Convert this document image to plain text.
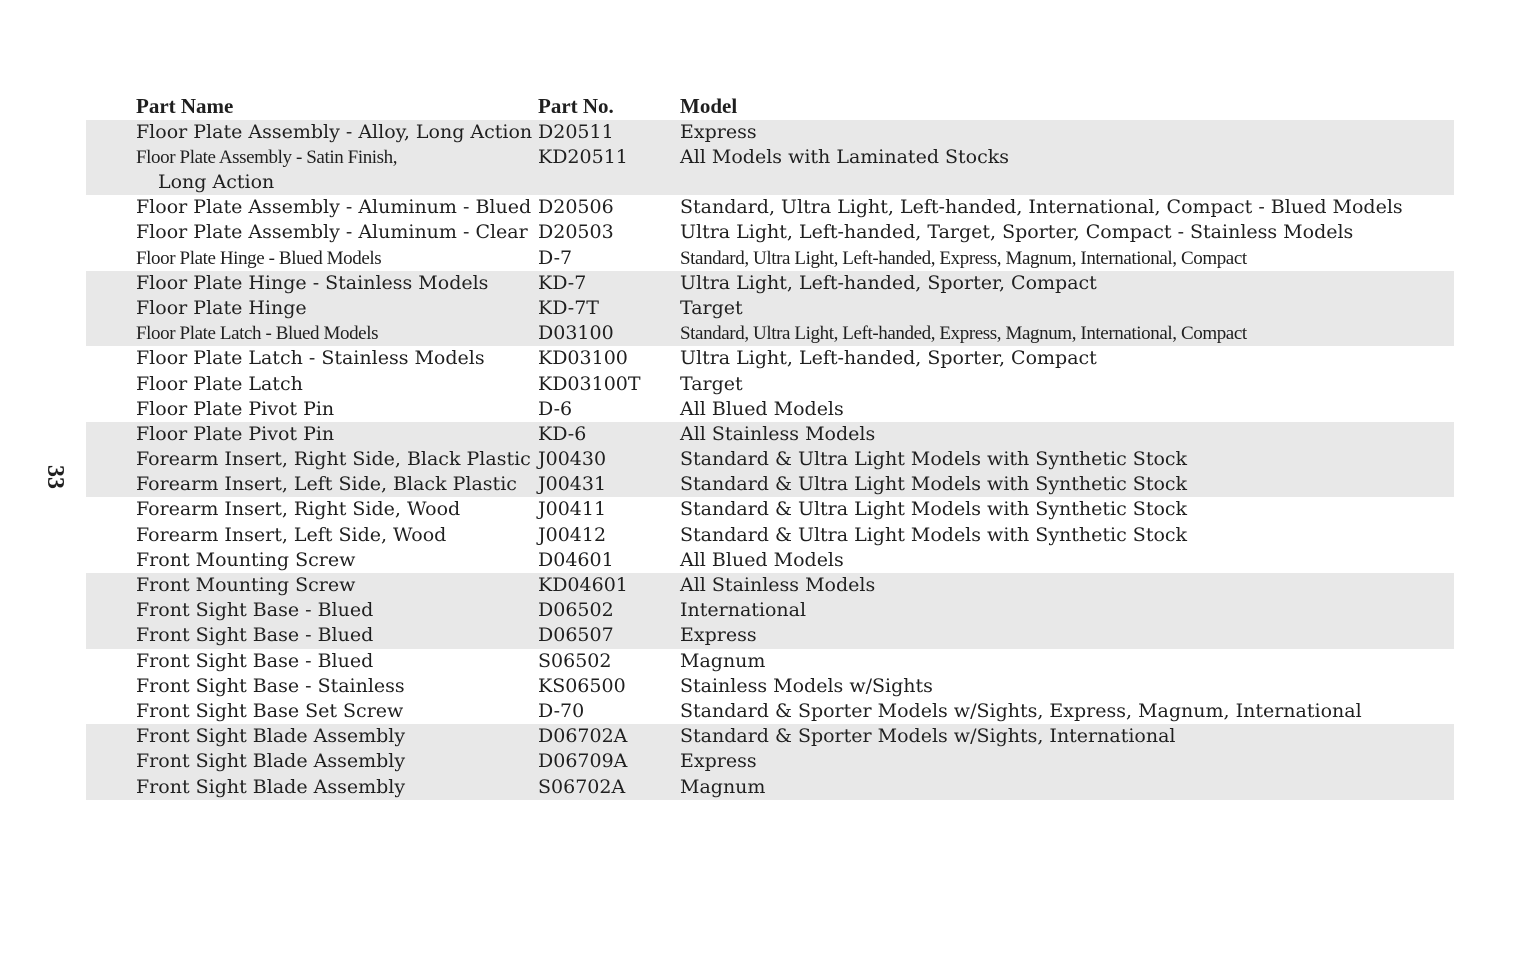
33
Part Name	Part No.	Model
Floor Plate Assembly - Alloy, Long Action D20511	Express
Floor Plate Assembly - Satin Finish,
Long Action
KD20511	All Models with Laminated Stocks
Floor Plate Assembly - Aluminum - Blued D20506	Standard, Ultra Light, Left-handed, International, Compact - Blued Models
Floor Plate Assembly - Aluminum - Clear D20503	Ultra Light, Left-handed, Target, Sporter, Compact - Stainless Models
Floor Plate Hinge - Blued Models	D-7	Standard, Ultra Light, Left-handed, Express, Magnum, International, Compact
Floor Plate Hinge - Stainless Models	KD-7	Ultra Light, Left-handed, Sporter, Compact
Floor Plate Hinge	KD-7T	Target
Floor Plate Latch - Blued Models	D03100	Standard, Ultra Light, Left-handed, Express, Magnum, International, Compact
Floor Plate Latch - Stainless Models	KD03100	Ultra Light, Left-handed, Sporter, Compact
Floor Plate Latch	KD03100T Target
Floor Plate Pivot Pin	D-6	All Blued Models
Floor Plate Pivot Pin	KD-6	All Stainless Models
Forearm Insert, Right Side, Black Plastic J00430	Standard & Ultra Light Models with Synthetic Stock
Forearm Insert, Left Side, Black Plastic J00431	Standard & Ultra Light Models with Synthetic Stock
Forearm Insert, Right Side, Wood	J00411	Standard & Ultra Light Models with Synthetic Stock
Forearm Insert, Left Side, Wood	J00412	Standard & Ultra Light Models with Synthetic Stock
Front Mounting Screw	D04601	All Blued Models
Front Mounting Screw	KD04601	All Stainless Models
Front Sight Base - Blued	D06502	International
Front Sight Base - Blued	D06507	Express
Front Sight Base - Blued	S06502	Magnum
Front Sight Base - Stainless	KS06500	Stainless Models w/Sights
Front Sight Base Set Screw	D-70	Standard & Sporter Models w/Sights, Express, Magnum, International
Front Sight Blade Assembly	D06702A	Standard & Sporter Models w/Sights, International
Front Sight Blade Assembly	D06709A	Express
Front Sight Blade Assembly	S06702A	Magnum
